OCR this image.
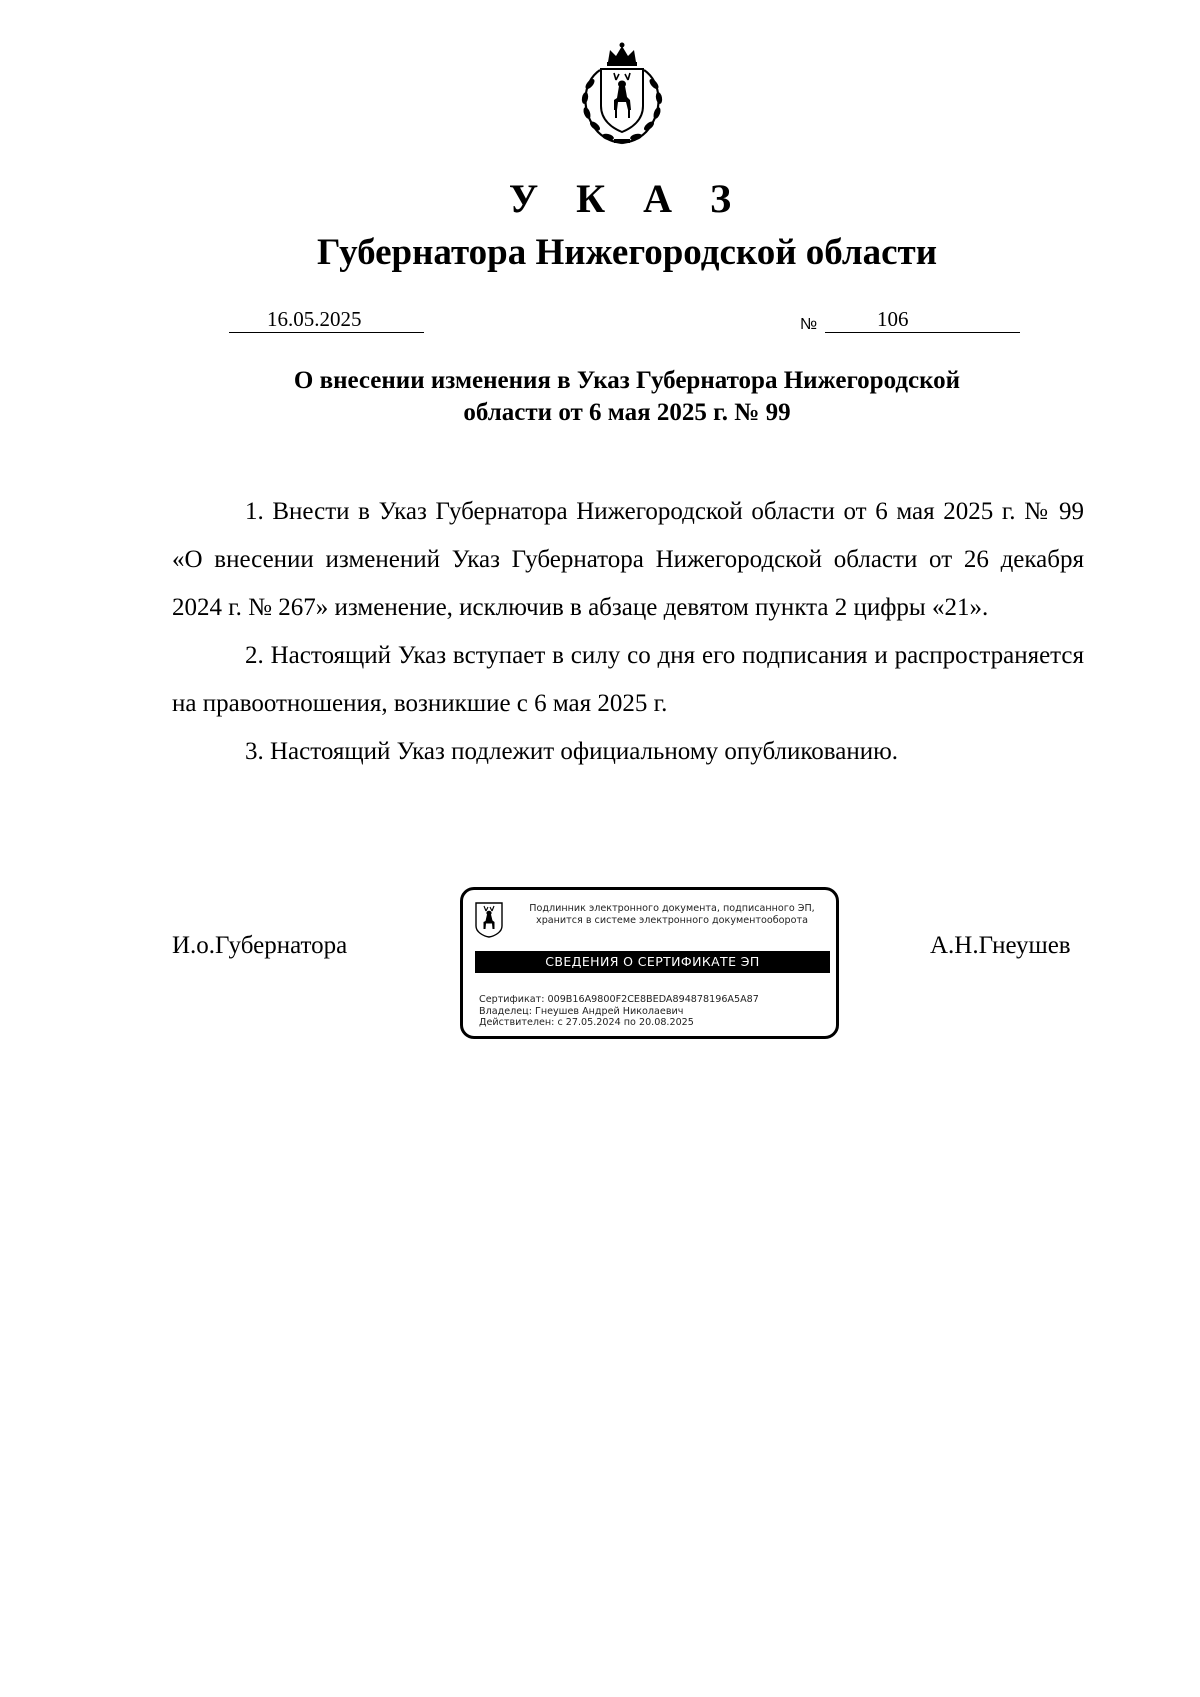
У К А З
Губернатора Нижегородской области
16.05.2025	№	106
О внесении изменения в Указ Губернатора Нижегородской
области от 6 мая 2025 г. № 99

1. Внести в Указ Губернатора Нижегородской области от 6 мая 2025 г. № 99 «О внесении изменений Указ Губернатора Нижегородской области от 26 декабря 2024 г. № 267» изменение, исключив в абзаце девятом пункта 2 цифры «21».

2. Настоящий Указ вступает в силу со дня его подписания и распространяется на правоотношения, возникшие с 6 мая 2025 г.

3. Настоящий Указ подлежит официальному опубликованию.

И.о.Губернатора	А.Н.Гнеушев
Подлинник электронного документа, подписанного ЭП,
хранится в системе электронного документооборота
СВЕДЕНИЯ О СЕРТИФИКАТЕ ЭП
Сертификат: 009B16A9800F2CE8BEDA894878196A5A87
Владелец: Гнеушев Андрей Николаевич
Действителен: с 27.05.2024 по 20.08.2025
